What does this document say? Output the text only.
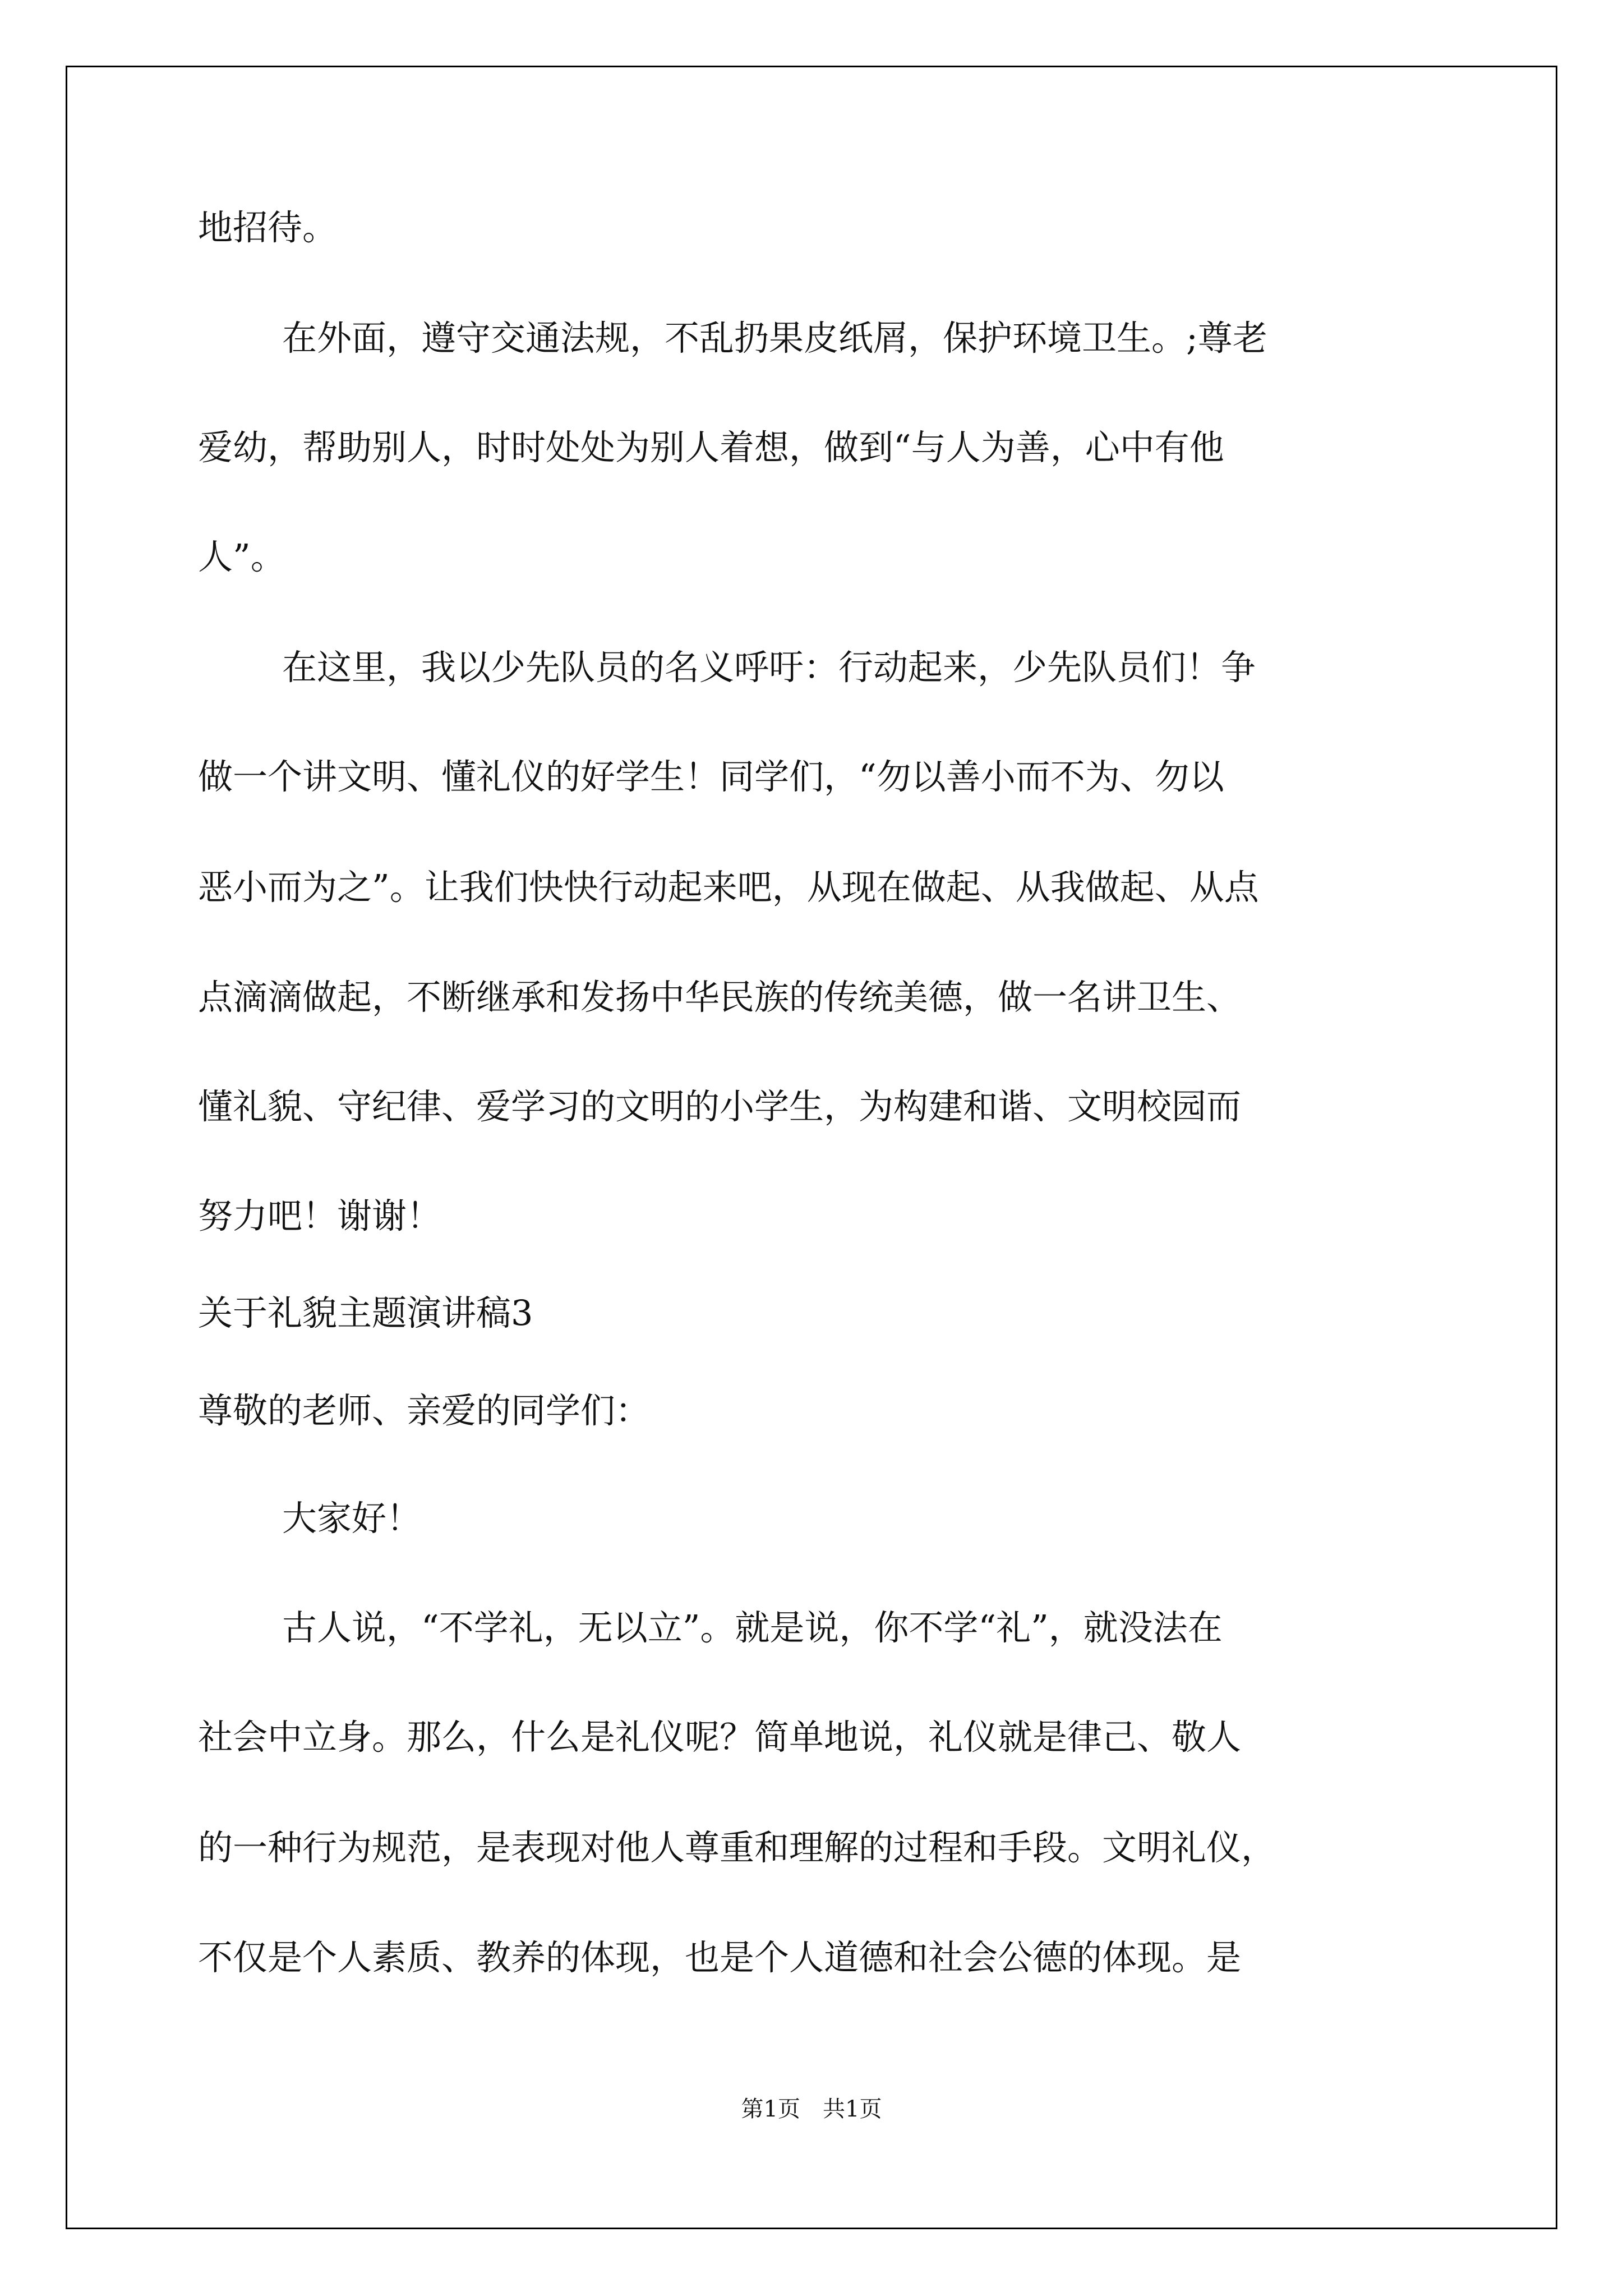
地招待。
在外面，遵守交通法规，不乱扔果皮纸屑，保护环境卫生。;尊老
爱幼，帮助别人，时时处处为别人着想，做到“与人为善，心中有他
人”。
在这里，我以少先队员的名义呼吁：行动起来，少先队员们！争
做一个讲文明、懂礼仪的好学生！同学们，“勿以善小而不为、勿以
恶小而为之”。让我们快快行动起来吧，从现在做起、从我做起、从点
点滴滴做起，不断继承和发扬中华民族的传统美德，做一名讲卫生、
懂礼貌、守纪律、爱学习的文明的小学生，为构建和谐、文明校园而
努力吧！谢谢！
关于礼貌主题演讲稿3
尊敬的老师、亲爱的同学们：
大家好！
古人说，“不学礼，无以立”。就是说，你不学“礼”，就没法在
社会中立身。那么，什么是礼仪呢？简单地说，礼仪就是律己、敬人
的一种行为规范，是表现对他人尊重和理解的过程和手段。文明礼仪，
不仅是个人素质、教养的体现，也是个人道德和社会公德的体现。是
第1页　共1页
